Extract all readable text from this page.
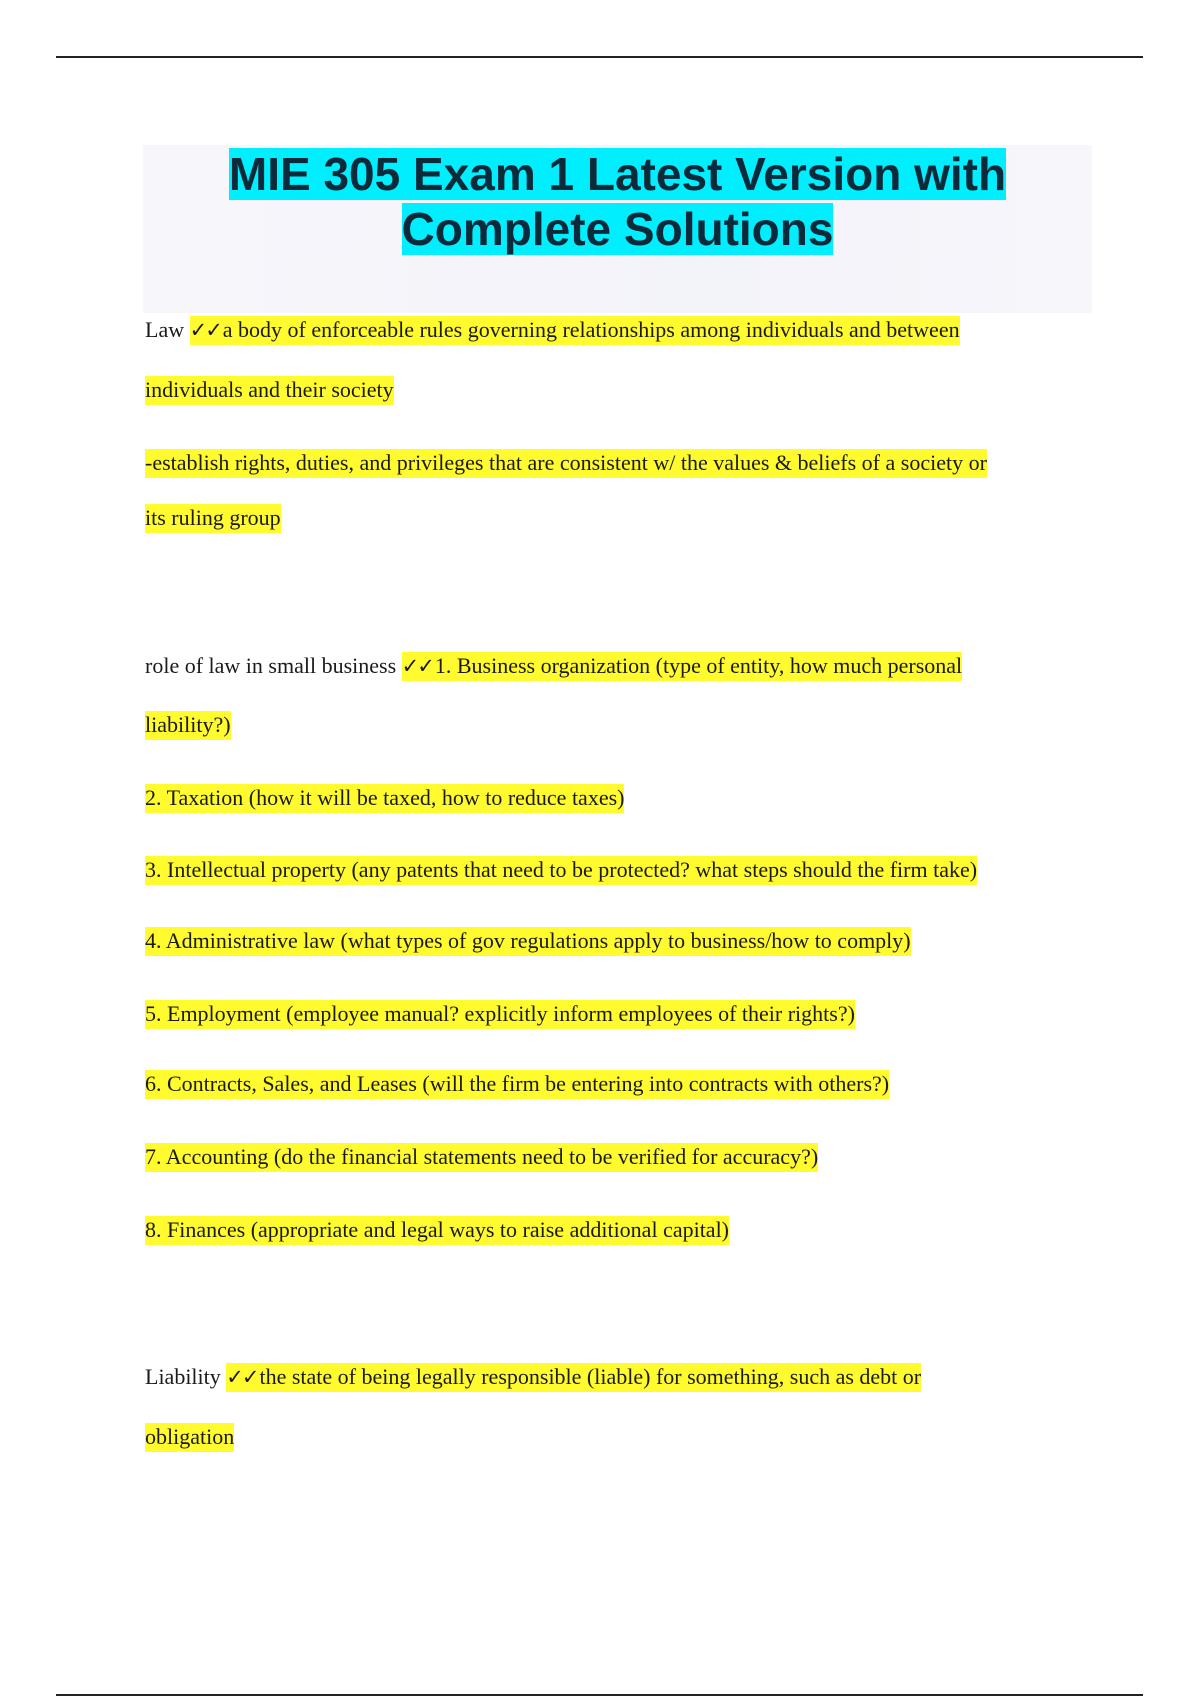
MIE 305 Exam 1 Latest Version with
Complete Solutions
Law ✓✓a body of enforceable rules governing relationships among individuals and between
individuals and their society
-establish rights, duties, and privileges that are consistent w/ the values & beliefs of a society or
its ruling group
role of law in small business ✓✓1. Business organization (type of entity, how much personal
liability?)
2. Taxation (how it will be taxed, how to reduce taxes)
3. Intellectual property (any patents that need to be protected? what steps should the firm take)
4. Administrative law (what types of gov regulations apply to business/how to comply)
5. Employment (employee manual? explicitly inform employees of their rights?)
6. Contracts, Sales, and Leases (will the firm be entering into contracts with others?)
7. Accounting (do the financial statements need to be verified for accuracy?)
8. Finances (appropriate and legal ways to raise additional capital)
Liability ✓✓the state of being legally responsible (liable) for something, such as debt or
obligation
